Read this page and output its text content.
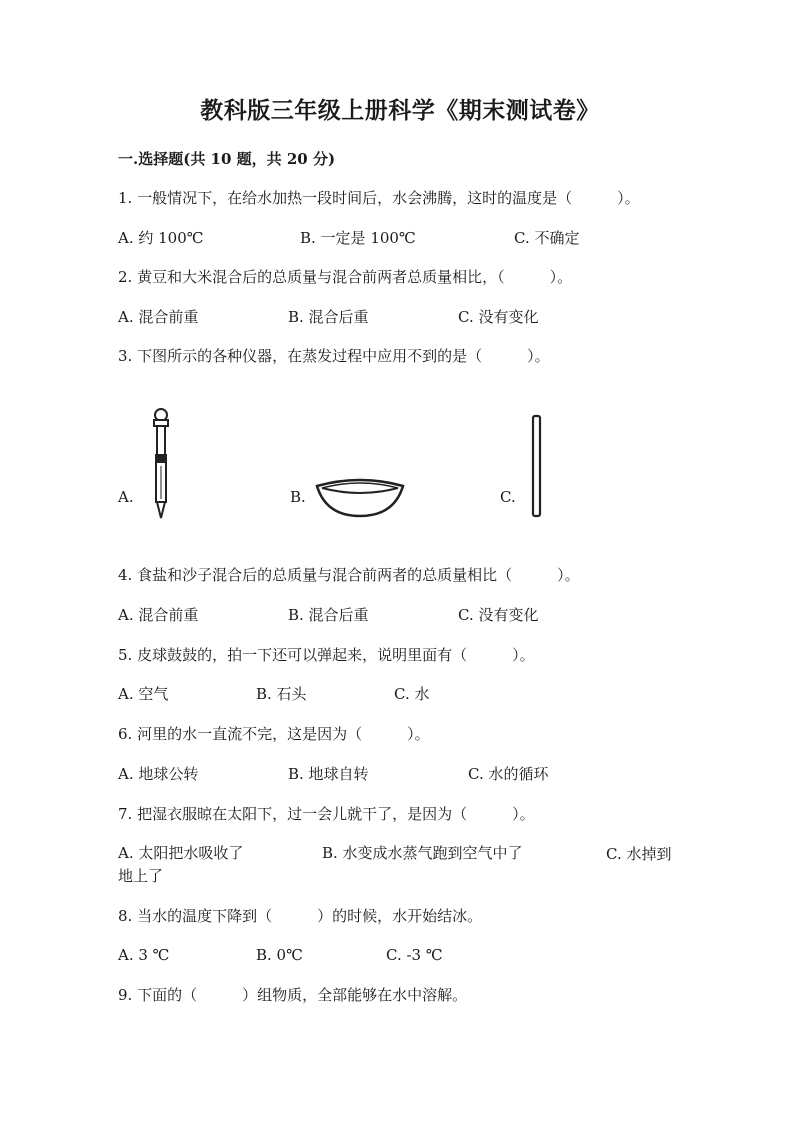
教科版三年级上册科学《期末测试卷》
一.选择题(共 10 题，共 20 分)
1. 一般情况下，在给水加热一段时间后，水会沸腾，这时的温度是（　　　）。
A. 约 100℃	B. 一定是 100℃	C. 不确定
2. 黄豆和大米混合后的总质量与混合前两者总质量相比，（　　　）。
A. 混合前重	B. 混合后重	C. 没有变化
3. 下图所示的各种仪器，在蒸发过程中应用不到的是（　　　）。
A.	B.	C.
4. 食盐和沙子混合后的总质量与混合前两者的总质量相比（　　　）。
A. 混合前重	B. 混合后重	C. 没有变化
5. 皮球鼓鼓的，拍一下还可以弹起来，说明里面有（　　　）。
A. 空气	B. 石头	C. 水
6. 河里的水一直流不完，这是因为（　　　）。
A. 地球公转	B. 地球自转	C. 水的循环
7. 把湿衣服晾在太阳下，过一会儿就干了，是因为（　　　）。
A. 太阳把水吸收了	B. 水变成水蒸气跑到空气中了	C. 水掉到地上了
8. 当水的温度下降到（　　　）的时候，水开始结冰。
A. 3 ℃	B. 0℃	C. -3 ℃
9. 下面的（　　　）组物质，全部能够在水中溶解。
